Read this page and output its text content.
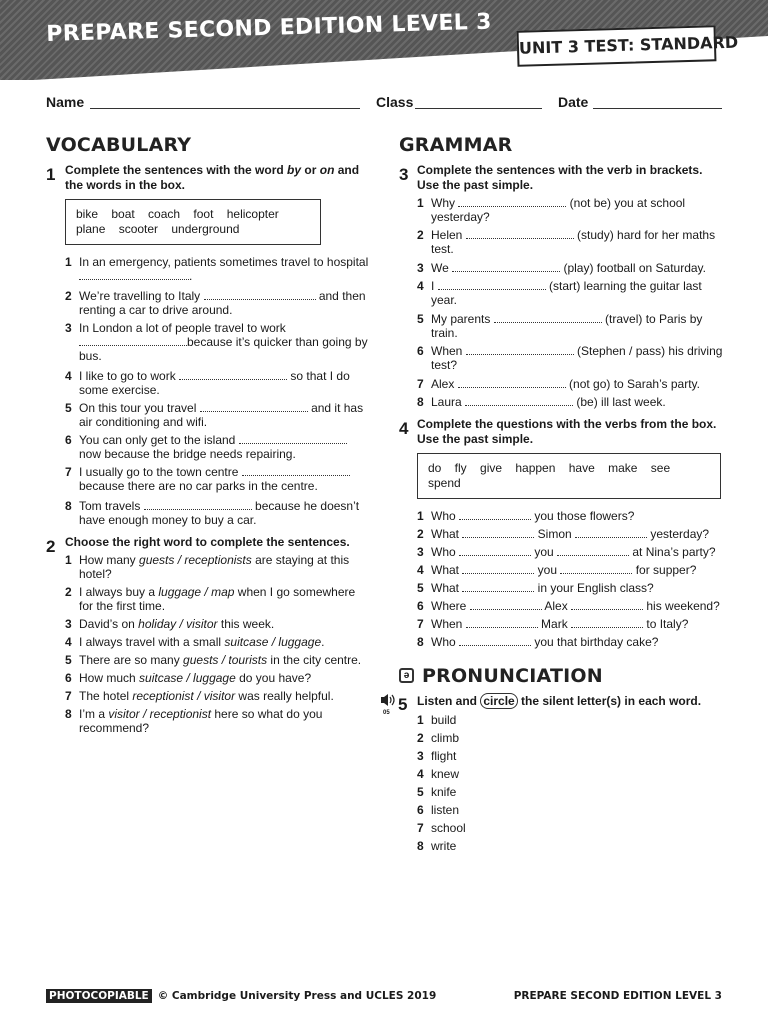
PREPARE SECOND EDITION LEVEL 3 UNIT 3 TEST: STANDARD
Name	Class	Date
VOCABULARY
1 Complete the sentences with the word by or on and the words in the box.
bike boat coach foot helicopter
plane scooter underground
1 In an emergency, patients sometimes travel to hospital .
2 We’re travelling to Italy	and then renting a car to drive around.
3 In London a lot of people travel to work because it’s quicker than going by bus.
4 I like to go to work	so that I do some exercise.
5 On this tour you travel	and it has air conditioning and wifi.
6 You can only get to the island  now because the bridge needs repairing.
7 I usually go to the town centre  because there are no car parks in the centre.
8 Tom travels	because he doesn’t have enough money to buy a car.
2 Choose the right word to complete the sentences.
1 How many guests / receptionists are staying at this hotel?
2 I always buy a luggage / map when I go somewhere for the first time.
3 David’s on holiday / visitor this week.
4 I always travel with a small suitcase / luggage.
5 There are so many guests / tourists in the city centre.
6 How much suitcase / luggage do you have?
7 The hotel receptionist / visitor was really helpful.
8 I’m a visitor / receptionist here so what do you recommend?
GRAMMAR
3 Complete the sentences with the verb in brackets. Use the past simple.
1 Why	(not be) you at school yesterday?
2 Helen	(study) hard for her maths test.
3 We	(play) football on Saturday.
4 I	(start) learning the guitar last year.
5 My parents	(travel) to Paris by train.
6 When	(Stephen / pass) his driving test?
7 Alex	(not go) to Sarah’s party.
8 Laura	(be) ill last week.
4 Complete the questions with the verbs from the box. Use the past simple.
do fly give happen have make see
spend
1 Who	you those flowers?
2 What	Simon	yesterday?
3 Who	you	at Nina’s party?
4 What	you	for supper?
5 What	in your English class?
6 Where	Alex	his weekend?
7 When	Mark	to Italy?
8 Who	you that birthday cake?
ə PRONUNCIATION
05 5 Listen and circle the silent letter(s) in each word.
1 build
2 climb
3 flight
4 knew
5 knife
6 listen
7 school
8 write
PHOTOCOPIABLE © Cambridge University Press and UCLES 2019	PREPARE SECOND EDITION LEVEL 3
